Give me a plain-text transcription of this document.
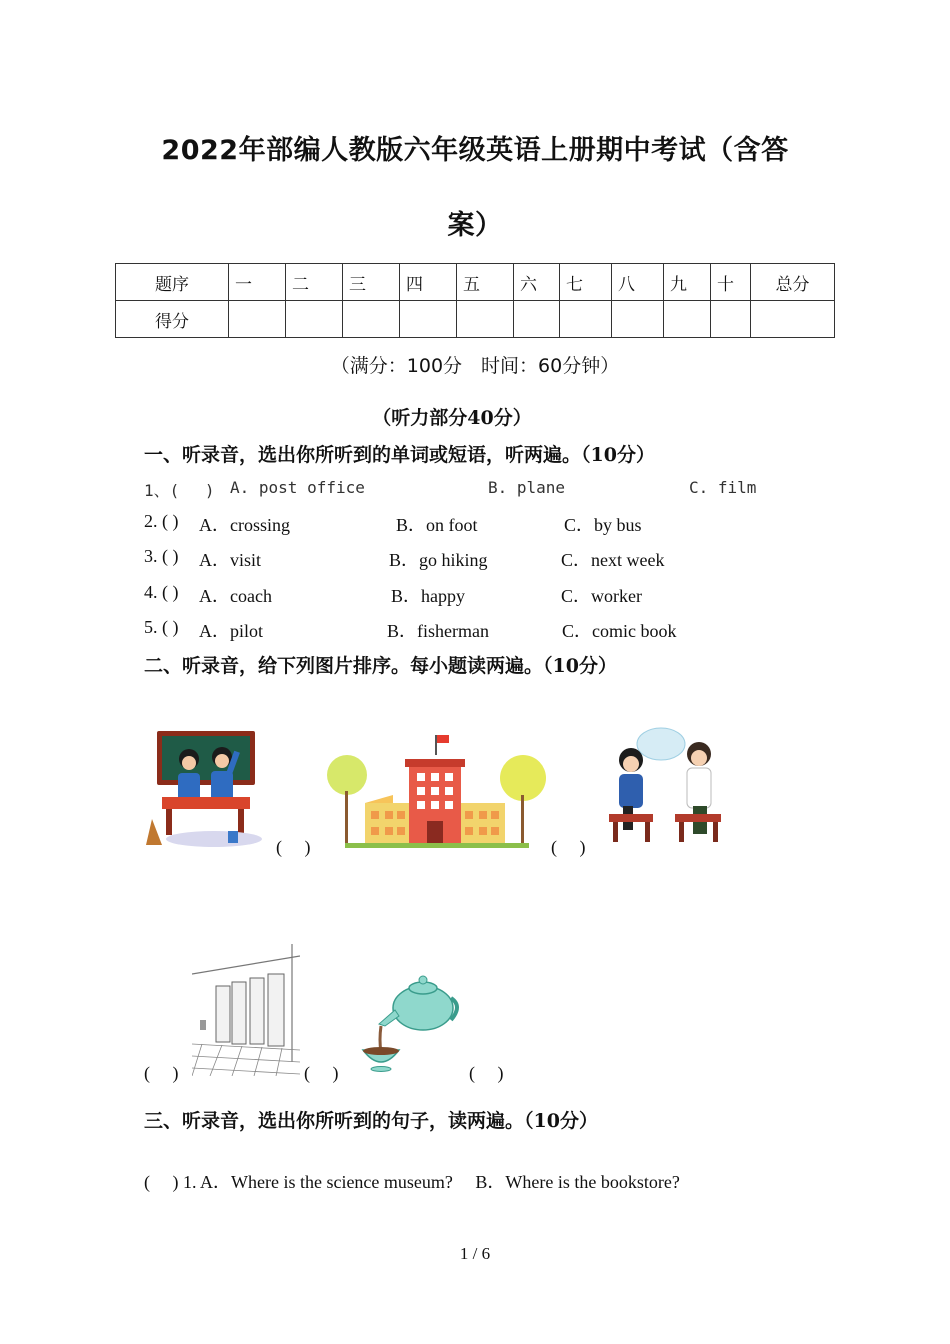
2022年部编人教版六年级英语上册期中考试（含答
案）
题序	一	二	三	四	五	六	七	八	九	十	总分
得分											
（满分：100分　时间：60分钟）
（听力部分40分）
一、听录音，选出你所听到的单词或短语，听两遍。（10分）
1、(　 ) A. post office	B. plane	C. film
2. ( ) A．crossing	B．on foot	C．by bus
3. ( ) A．visit	B．go hiking	C．next week
4. ( ) A．coach	B．happy	C．worker
5. ( ) A．pilot	B．fisherman	C．comic book
二、听录音，给下列图片排序。每小题读两遍。（10分）
(　 )	(　 )
(　 )	(　 )	(　 )
三、听录音，选出你所听到的句子，读两遍。（10分）
(　 ) 1. A．Where is the science museum?　 B．Where is the bookstore?
1 / 6
